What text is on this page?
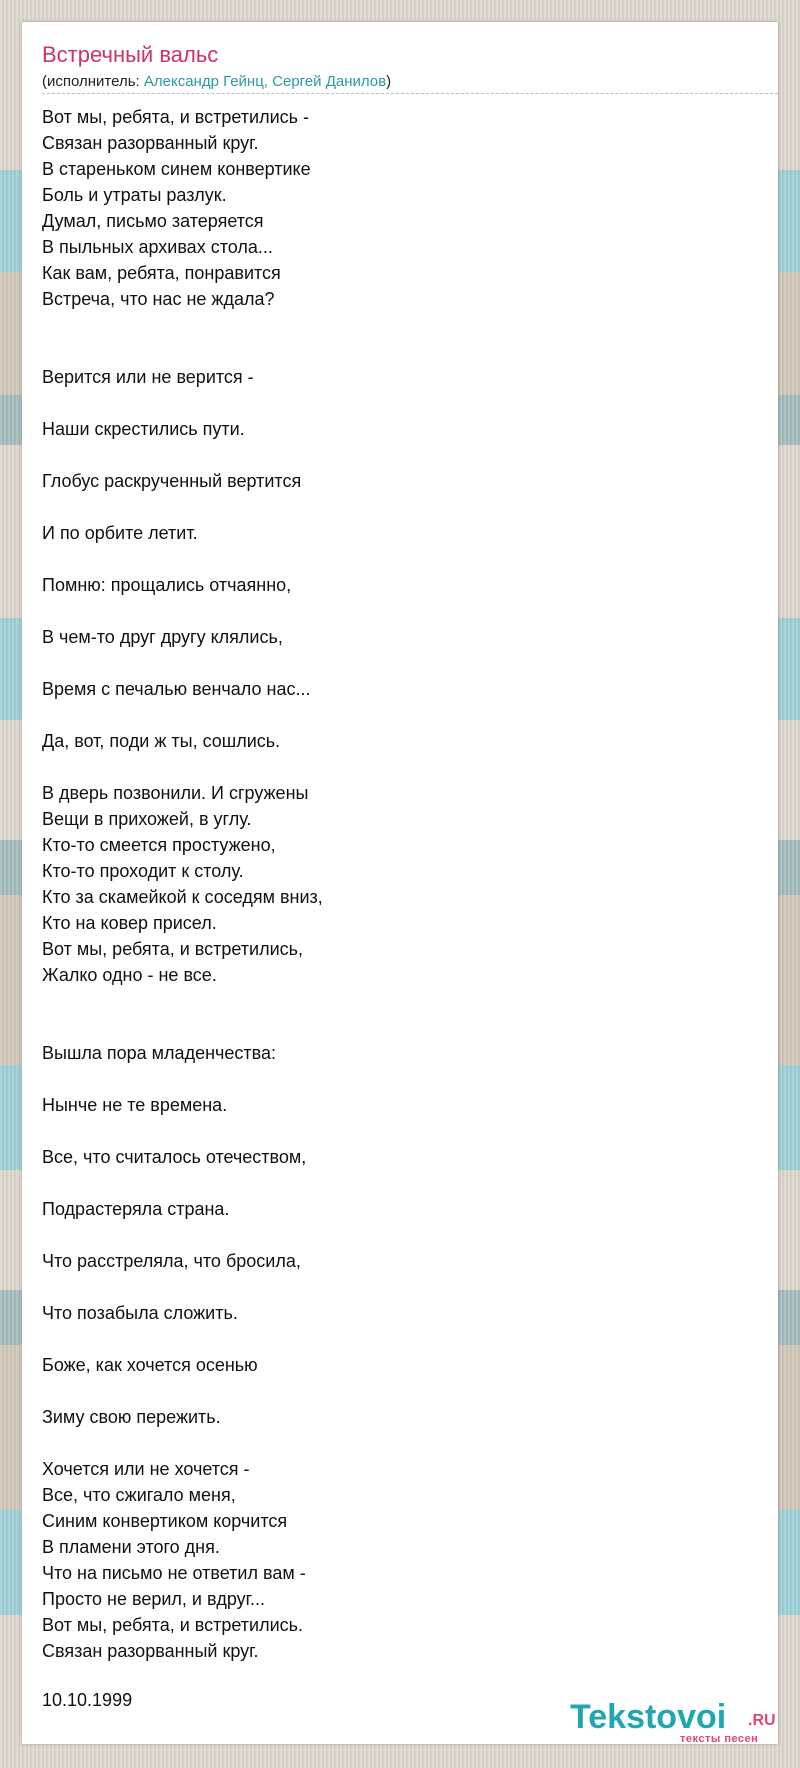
Встречный вальс
(исполнитель: Александр Гейнц, Сергей Данилов)
Вот мы, ребята, и встретились -
Связан разорванный круг.
В стареньком синем конвертике
Боль и утраты разлук.
Думал, письмо затеряется
В пыльных архивах стола...
Как вам, ребята, понравится
Встреча, что нас не ждала?

Верится или не верится -

Наши скрестились пути.

Глобус раскрученный вертится

И по орбите летит.

Помню: прощались отчаянно,

В чем-то друг другу клялись,

Время с печалью венчало нас...

Да, вот, поди ж ты, сошлись.

В дверь позвонили. И сгружены
Вещи в прихожей, в углу.
Кто-то смеется простужено,
Кто-то проходит к столу.
Кто за скамейкой к соседям вниз,
Кто на ковер присел.
Вот мы, ребята, и встретились,
Жалко одно - не все.

Вышла пора младенчества:

Нынче не те времена.

Все, что считалось отечеством,

Подрастеряла страна.

Что расстреляла, что бросила,

Что позабыла сложить.

Боже, как хочется осенью

Зиму свою пережить.

Хочется или не хочется -
Все, что сжигало меня,
Синим конвертиком корчится
В пламени этого дня.
Что на письмо не ответил вам -
Просто не верил, и вдруг...
Вот мы, ребята, и встретились.
Связан разорванный круг.
10.10.1999	Tekstovoi .RU
тексты песен
